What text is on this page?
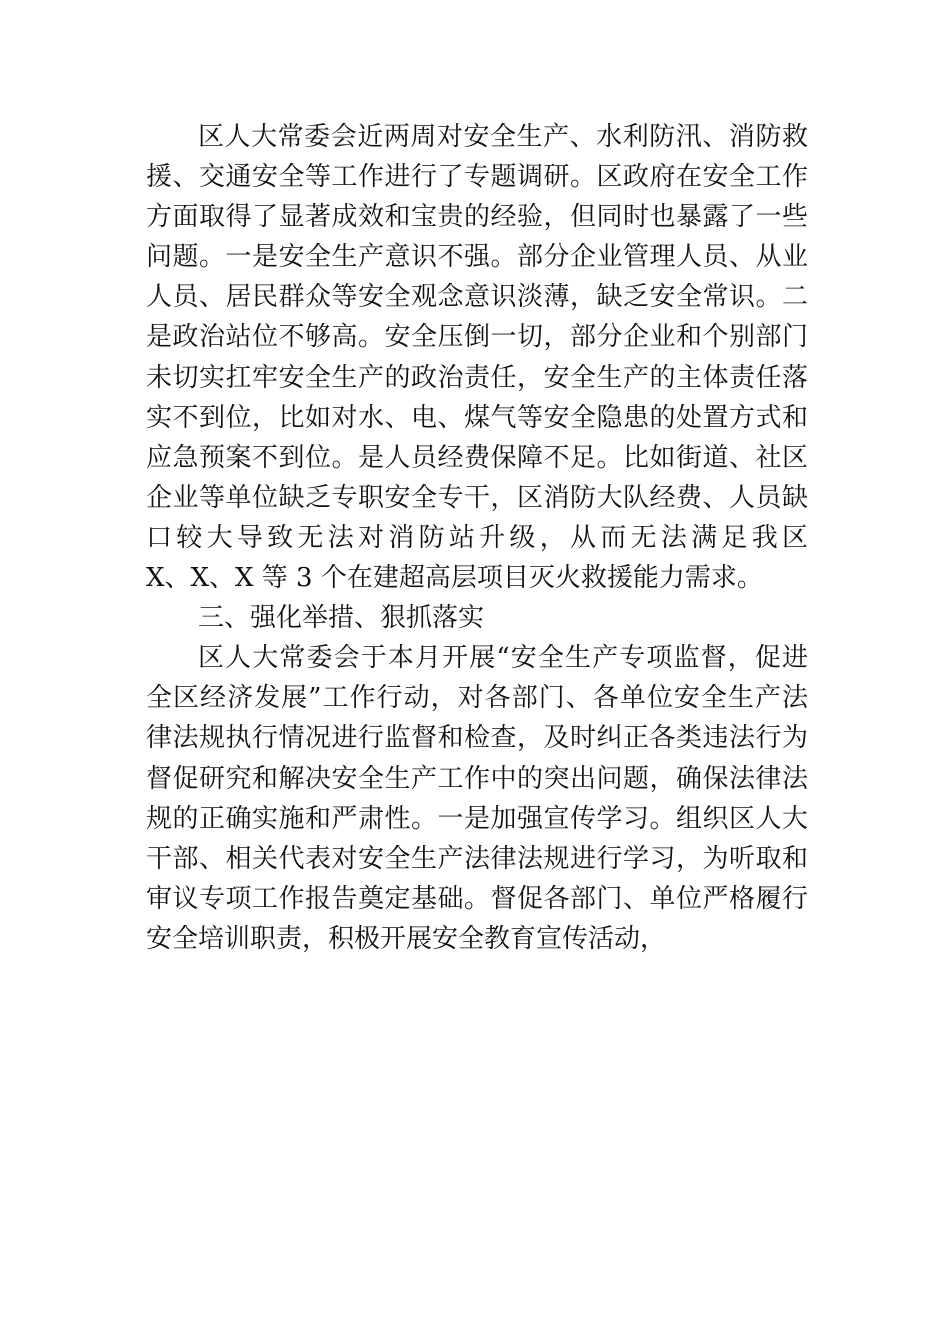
区人大常委会近两周对安全生产、水利防汛、消防救
援、交通安全等工作进行了专题调研。区政府在安全工作
方面取得了显著成效和宝贵的经验，但同时也暴露了一些
问题。一是安全生产意识不强。部分企业管理人员、从业
人员、居民群众等安全观念意识淡薄，缺乏安全常识。二
是政治站位不够高。安全压倒一切，部分企业和个别部门
未切实扛牢安全生产的政治责任，安全生产的主体责任落
实不到位，比如对水、电、煤气等安全隐患的处置方式和
应急预案不到位。是人员经费保障不足。比如街道、社区
企业等单位缺乏专职安全专干，区消防大队经费、人员缺
口较大导致无法对消防站升级，从而无法满足我区
X、X、X 等 3 个在建超高层项目灭火救援能力需求。
三、强化举措、狠抓落实
区人大常委会于本月开展“安全生产专项监督，促进
全区经济发展”工作行动，对各部门、各单位安全生产法
律法规执行情况进行监督和检查，及时纠正各类违法行为
督促研究和解决安全生产工作中的突出问题，确保法律法
规的正确实施和严肃性。一是加强宣传学习。组织区人大
干部、相关代表对安全生产法律法规进行学习，为听取和
审议专项工作报告奠定基础。督促各部门、单位严格履行
安全培训职责，积极开展安全教育宣传活动，
